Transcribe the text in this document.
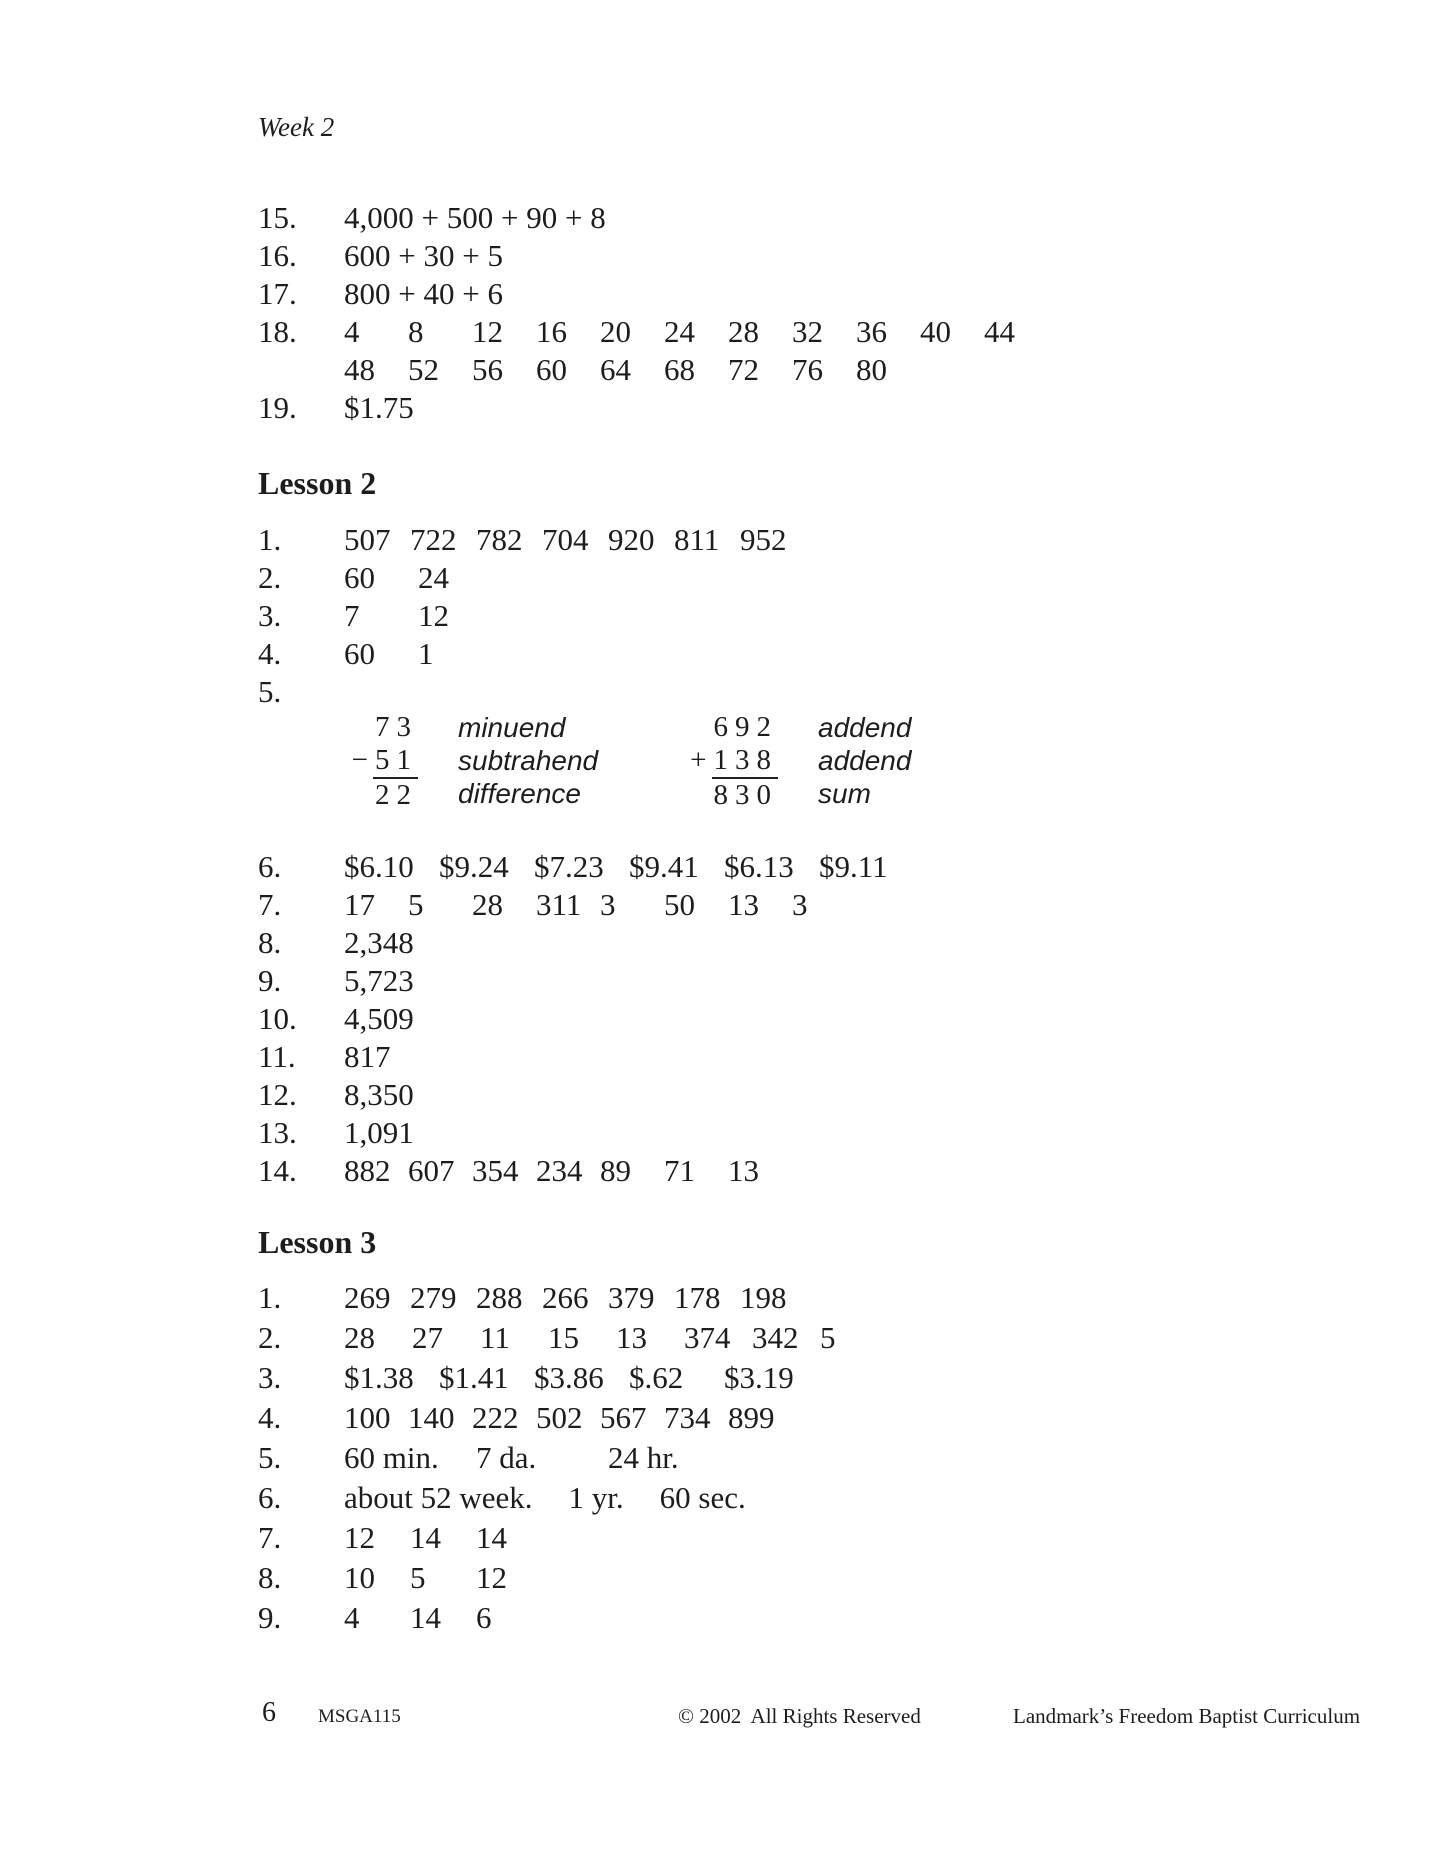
Week 2
15.	4,000 + 500 + 90 + 8
16.	600 + 30 + 5
17.	800 + 40 + 6
18.	4	8	12	16	20	24	28	32	36	40	44
48	52	56	60	64	68	72	76	80
19.	$1.75
Lesson 2
1.	507 722 782 704 920 811 952
2.	60	24
3.	7	12
4.	60	1
5.
73 minuend
−51 subtrahend
22 difference
692 addend
+138 addend
830 sum
6.	$6.10 $9.24 $7.23 $9.41 $6.13 $9.11
7.	17	5	28	311 3	50	13	3
8.	2,348
9.	5,723
10.	4,509
11.	817
12.	8,350
13.	1,091
14.	882 607 354 234 89	71	13
Lesson 3
1.	269 279 288 266 379 178 198
2.	28	27	11	15	13	374 342 5
3.	$1.38 $1.41 $3.86 $.62	$3.19
4.	100 140 222 502 567 734 899
5.	60 min.	7 da.	24 hr.
6.	about 52 week. 1 yr. 60 sec.
7.	12	14	14
8.	10	5	12
9.	4	14	6
6 MSGA115	© 2002  All Rights Reserved	Landmark’s Freedom Baptist Curriculum
